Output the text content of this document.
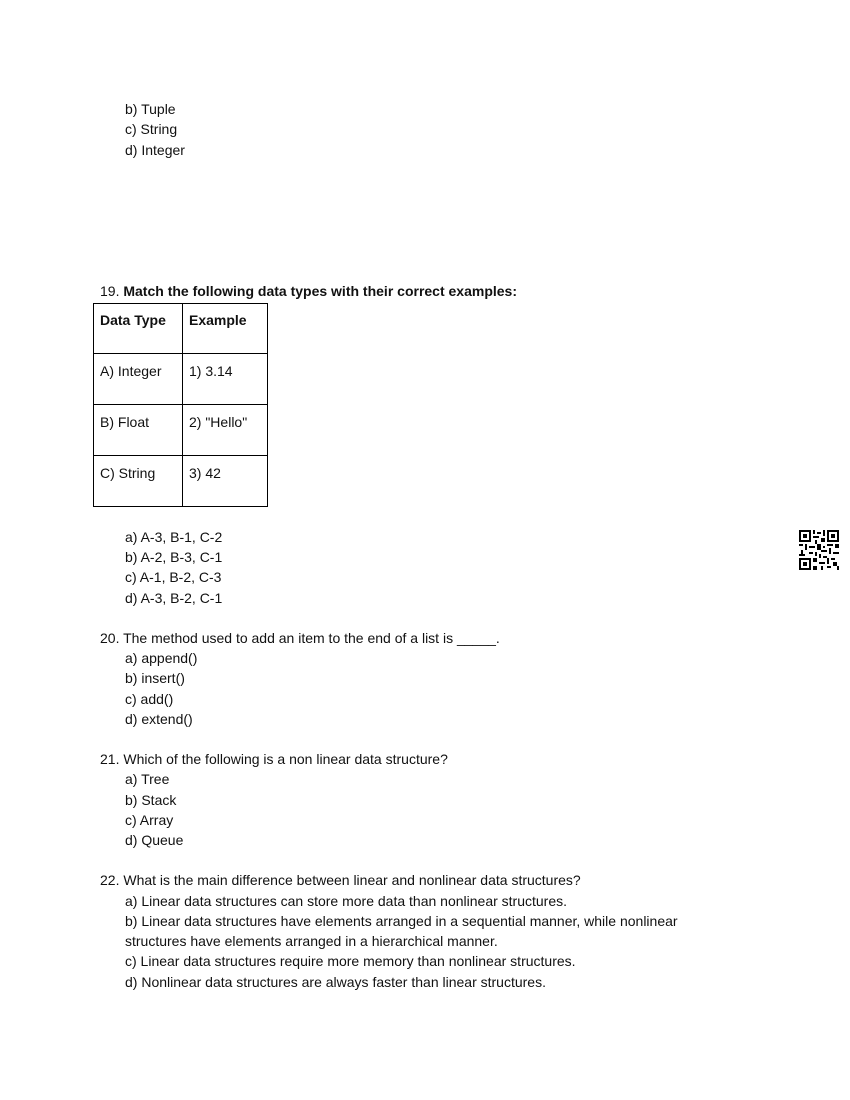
b) Tuple
c) String
d) Integer
19. Match the following data types with their correct examples:
Data Type	Example
A) Integer	1) 3.14
B) Float	2) "Hello"
C) String	3) 42
a) A-3, B-1, C-2
b) A-2, B-3, C-1
c) A-1, B-2, C-3
d) A-3, B-2, C-1
20. The method used to add an item to the end of a list is _____.
a) append()
b) insert()
c) add()
d) extend()
21. Which of the following is a non linear data structure?
a) Tree
b) Stack
c) Array
d) Queue
22. What is the main difference between linear and nonlinear data structures?
a) Linear data structures can store more data than nonlinear structures.
b) Linear data structures have elements arranged in a sequential manner, while nonlinear
structures have elements arranged in a hierarchical manner.
c) Linear data structures require more memory than nonlinear structures.
d) Nonlinear data structures are always faster than linear structures.
